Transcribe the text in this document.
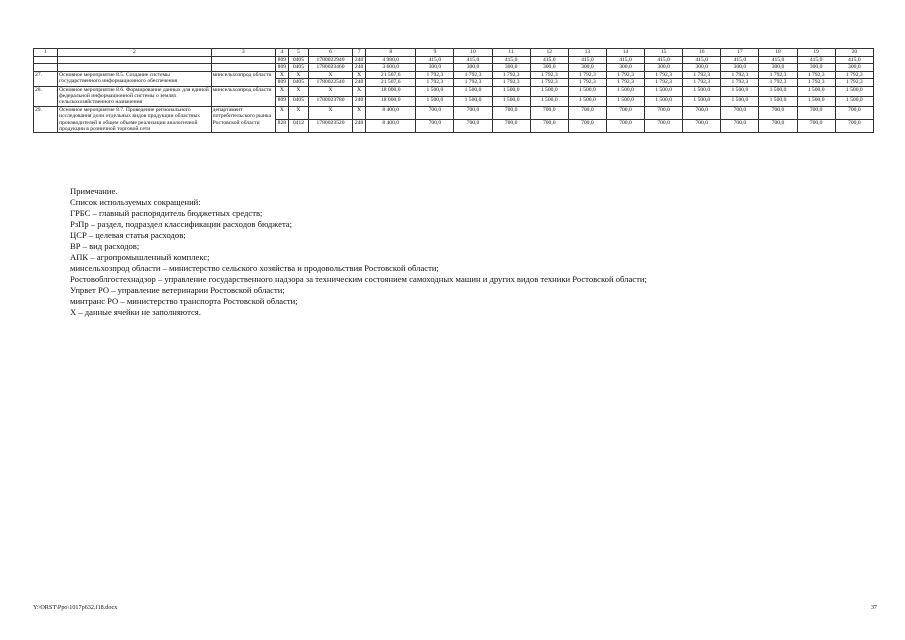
1	2	3	4	5	6	7	8	9	10	11	12	13	14	15	16	17	18	19	20
			809	0405	1780022940	240	4 980,0	415,0	415,0	415,0	415,0	415,0	415,0	415,0	415,0	415,0	415,0	415,0	415,0
			809	0405	1780023460	240	3 600,0	300,0	300,0	300,0	300,0	300,0	300,0	300,0	300,0	300,0	300,0	300,0	300,0
27.	Основное мероприятие 8.5. Создание системы государственного информационного обеспечения	минсельхозпрод области	X	X	X	X	21 507,6	1 792,3	1 792,3	1 792,3	1 792,3	1 792,3	1 792,3	1 792,3	1 792,3	1 792,3	1 792,3	1 792,3	1 792,3
			809	0405	1780022540	240	21 507,6	1 792,3	1 792,3	1 792,3	1 792,3	1 792,3	1 792,3	1 792,3	1 792,3	1 792,3	1 792,3	1 792,3	1 792,3
28.	Основное мероприятие 8.6. Формирование данных для единой федеральной информационной системы о землях сельскохозяйственного назначения	минсельхозпрод области	X	X	X	X	18 000,0	1 500,0	1 500,0	1 500,0	1 500,0	1 500,0	1 500,0	1 500,0	1 500,0	1 500,0	1 500,0	1 500,0	1 500,0
			809	0405	1780023780	240	18 000,0	1 500,0	1 500,0	1 500,0	1 500,0	1 500,0	1 500,0	1 500,0	1 500,0	1 500,0	1 500,0	1 500,0	1 500,0
29.	Основное мероприятие 8.7. Проведение регионального исследования доли отдельных видов продукции областных производителей в общем объеме реализации аналогичной продукции в розничной торговой сети	департамент потребительского рынка Ростовской области	X	X	X	X	8 400,0	700,0	700,0	700,0	700,0	700,0	700,0	700,0	700,0	700,0	700,0	700,0	700,0
			828	0412	1780023520	240	8 400,0	700,0	700,0	700,0	700,0	700,0	700,0	700,0	700,0	700,0	700,0	700,0	700,0
Примечание.
Список используемых сокращений:
ГРБС – главный распорядитель бюджетных средств;
РзПр – раздел, подраздел классификации расходов бюджета;
ЦСР – целевая статья расходов;
ВР – вид расходов;
АПК – агропромышленный комплекс;
минсельхозпрод области – министерство сельского хозяйства и продовольствия Ростовской области;
Ростовоблгостехнадзор – управление государственного надзора за техническим состоянием самоходных машин и других видов техники Ростовской области;
Упрвет РО – управление ветеринарии Ростовской области;
минтранс РО – министерство транспорта Ростовской области;
Х – данные ячейки не заполняются.
Y:\ORST\Ppo\1017p632.f18.docx	37
